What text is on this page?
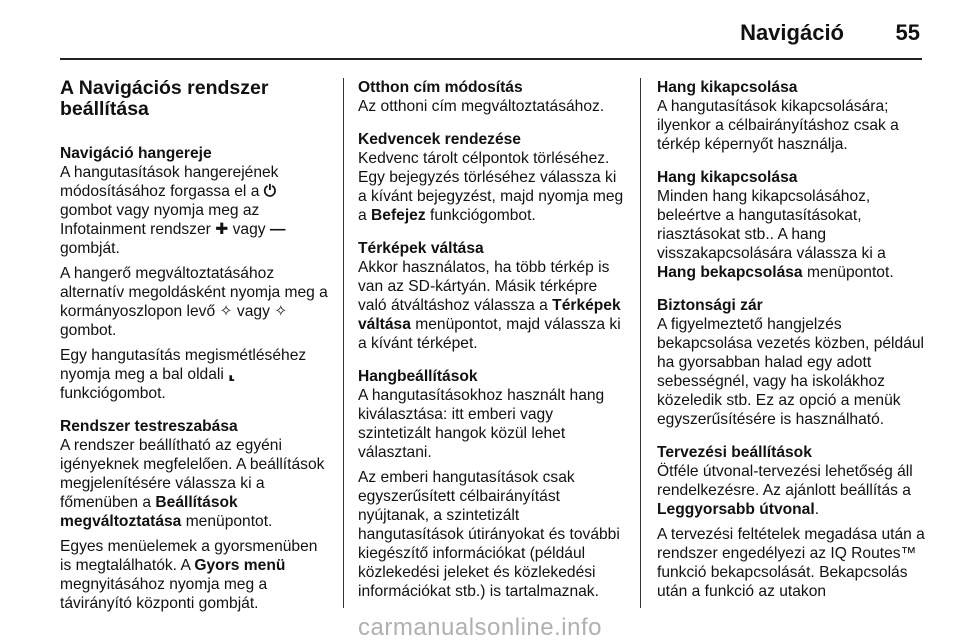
Navigáció 55
A Navigációs rendszer beállítása
Navigáció hangereje

A hangutasítások hangerejének módosításához forgassa el a ⏻ gombot vagy nyomja meg az Infotainment rendszer ✚ vagy — gombját.

A hangerő megváltoztatásához alternatív megoldásként nyomja meg a kormányoszlopon levő ✧ vagy ✧ gombot.

Egy hangutasítás megismétléséhez nyomja meg a bal oldali ⸤ funkciógombot.

Rendszer testreszabása

A rendszer beállítható az egyéni igényeknek megfelelően. A beállítások megjelenítésére válassza ki a főmenüben a Beállítások megváltoztatása menüpontot.

Egyes menüelemek a gyorsmenüben is megtalálhatók. A Gyors menü megnyitásához nyomja meg a távirányító központi gombját.

Otthon cím módosítás

Az otthoni cím megváltoztatásához.

Kedvencek rendezése

Kedvenc tárolt célpontok törléséhez. Egy bejegyzés törléséhez válassza ki a kívánt bejegyzést, majd nyomja meg a Befejez funkciógombot.

Térképek váltása

Akkor használatos, ha több térkép is van az SD-kártyán. Másik térképre való átváltáshoz válassza a Térképek váltása menüpontot, majd válassza ki a kívánt térképet.

Hangbeállítások

A hangutasításokhoz használt hang kiválasztása: itt emberi vagy szintetizált hangok közül lehet választani.

Az emberi hangutasítások csak egyszerűsített célbairányítást nyújtanak, a szintetizált hangutasítások útirányokat és további kiegészítő információkat (például közlekedési jeleket és közlekedési információkat stb.) is tartalmaznak.

Hang kikapcsolása

A hangutasítások kikapcsolására; ilyenkor a célbairányításhoz csak a térkép képernyőt használja.

Hang kikapcsolása

Minden hang kikapcsolásához, beleértve a hangutasításokat, riasztásokat stb.. A hang visszakapcsolására válassza ki a Hang bekapcsolása menüpontot.

Biztonsági zár

A figyelmeztető hangjelzés bekapcsolása vezetés közben, például ha gyorsabban halad egy adott sebességnél, vagy ha iskolákhoz közeledik stb. Ez az opció a menük egyszerűsítésére is használható.

Tervezési beállítások

Ötféle útvonal-tervezési lehetőség áll rendelkezésre. Az ajánlott beállítás a Leggyorsabb útvonal.

A tervezési feltételek megadása után a rendszer engedélyezi az IQ Routes™ funkció bekapcsolását. Bekapcsolás után a funkció az utakon

carmanualsonline.info
